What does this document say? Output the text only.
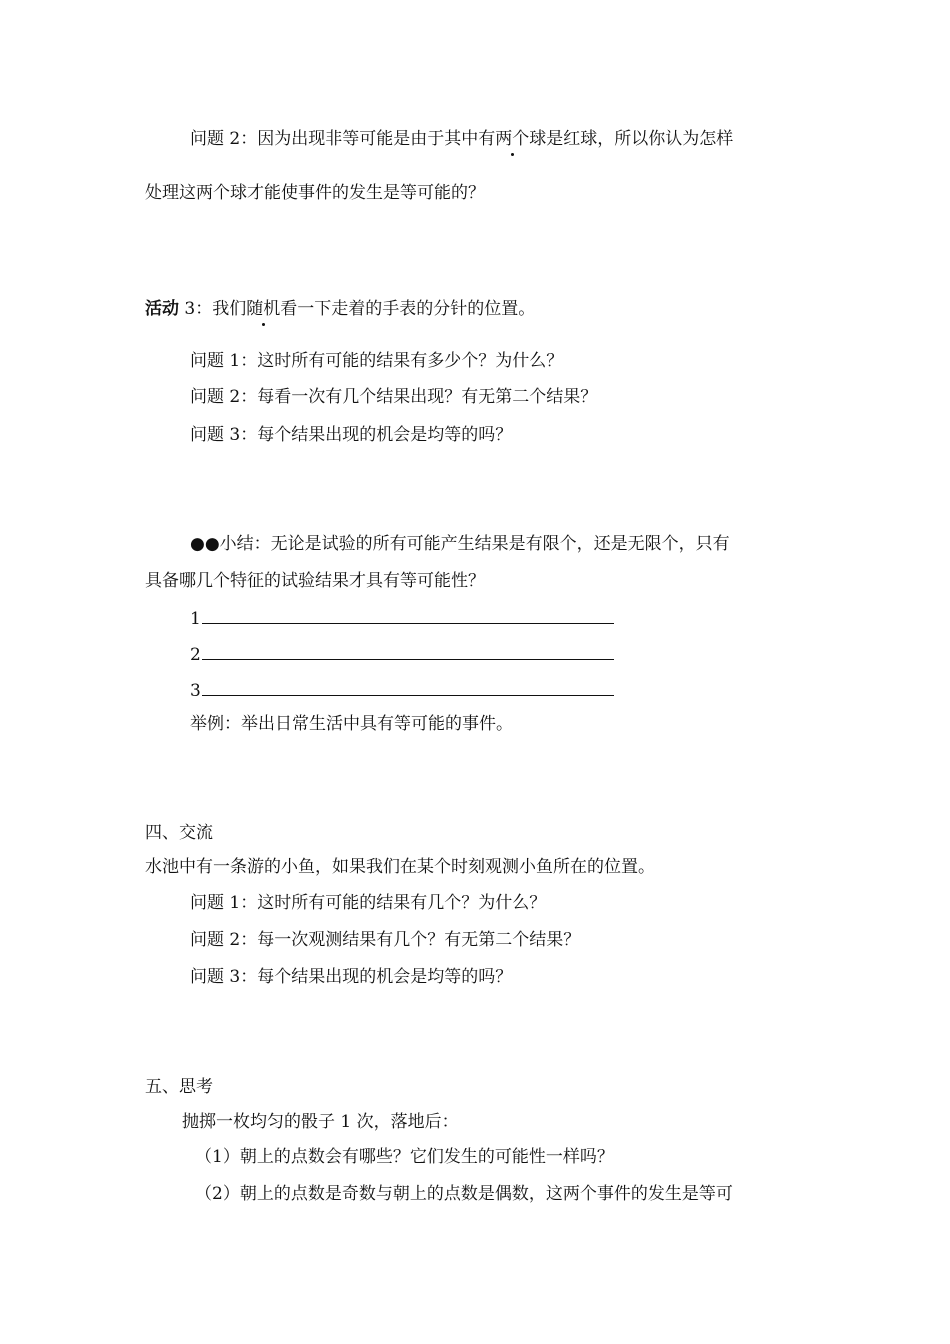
问题 2：因为出现非等可能是由于其中有两个球是红球，所以你认为怎样
处理这两个球才能使事件的发生是等可能的？
活动 3：我们随机看一下走着的手表的分针的位置。
问题 1：这时所有可能的结果有多少个？为什么？
问题 2：每看一次有几个结果出现？有无第二个结果？
问题 3：每个结果出现的机会是均等的吗？
●●小结：无论是试验的所有可能产生结果是有限个，还是无限个，只有
具备哪几个特征的试验结果才具有等可能性？
1
2
3
举例：举出日常生活中具有等可能的事件。
四、交流
水池中有一条游的小鱼，如果我们在某个时刻观测小鱼所在的位置。
问题 1：这时所有可能的结果有几个？为什么？
问题 2：每一次观测结果有几个？有无第二个结果？
问题 3：每个结果出现的机会是均等的吗？
五、思考
抛掷一枚均匀的骰子 1 次，落地后：
（1）朝上的点数会有哪些？它们发生的可能性一样吗？
（2）朝上的点数是奇数与朝上的点数是偶数，这两个事件的发生是等可
